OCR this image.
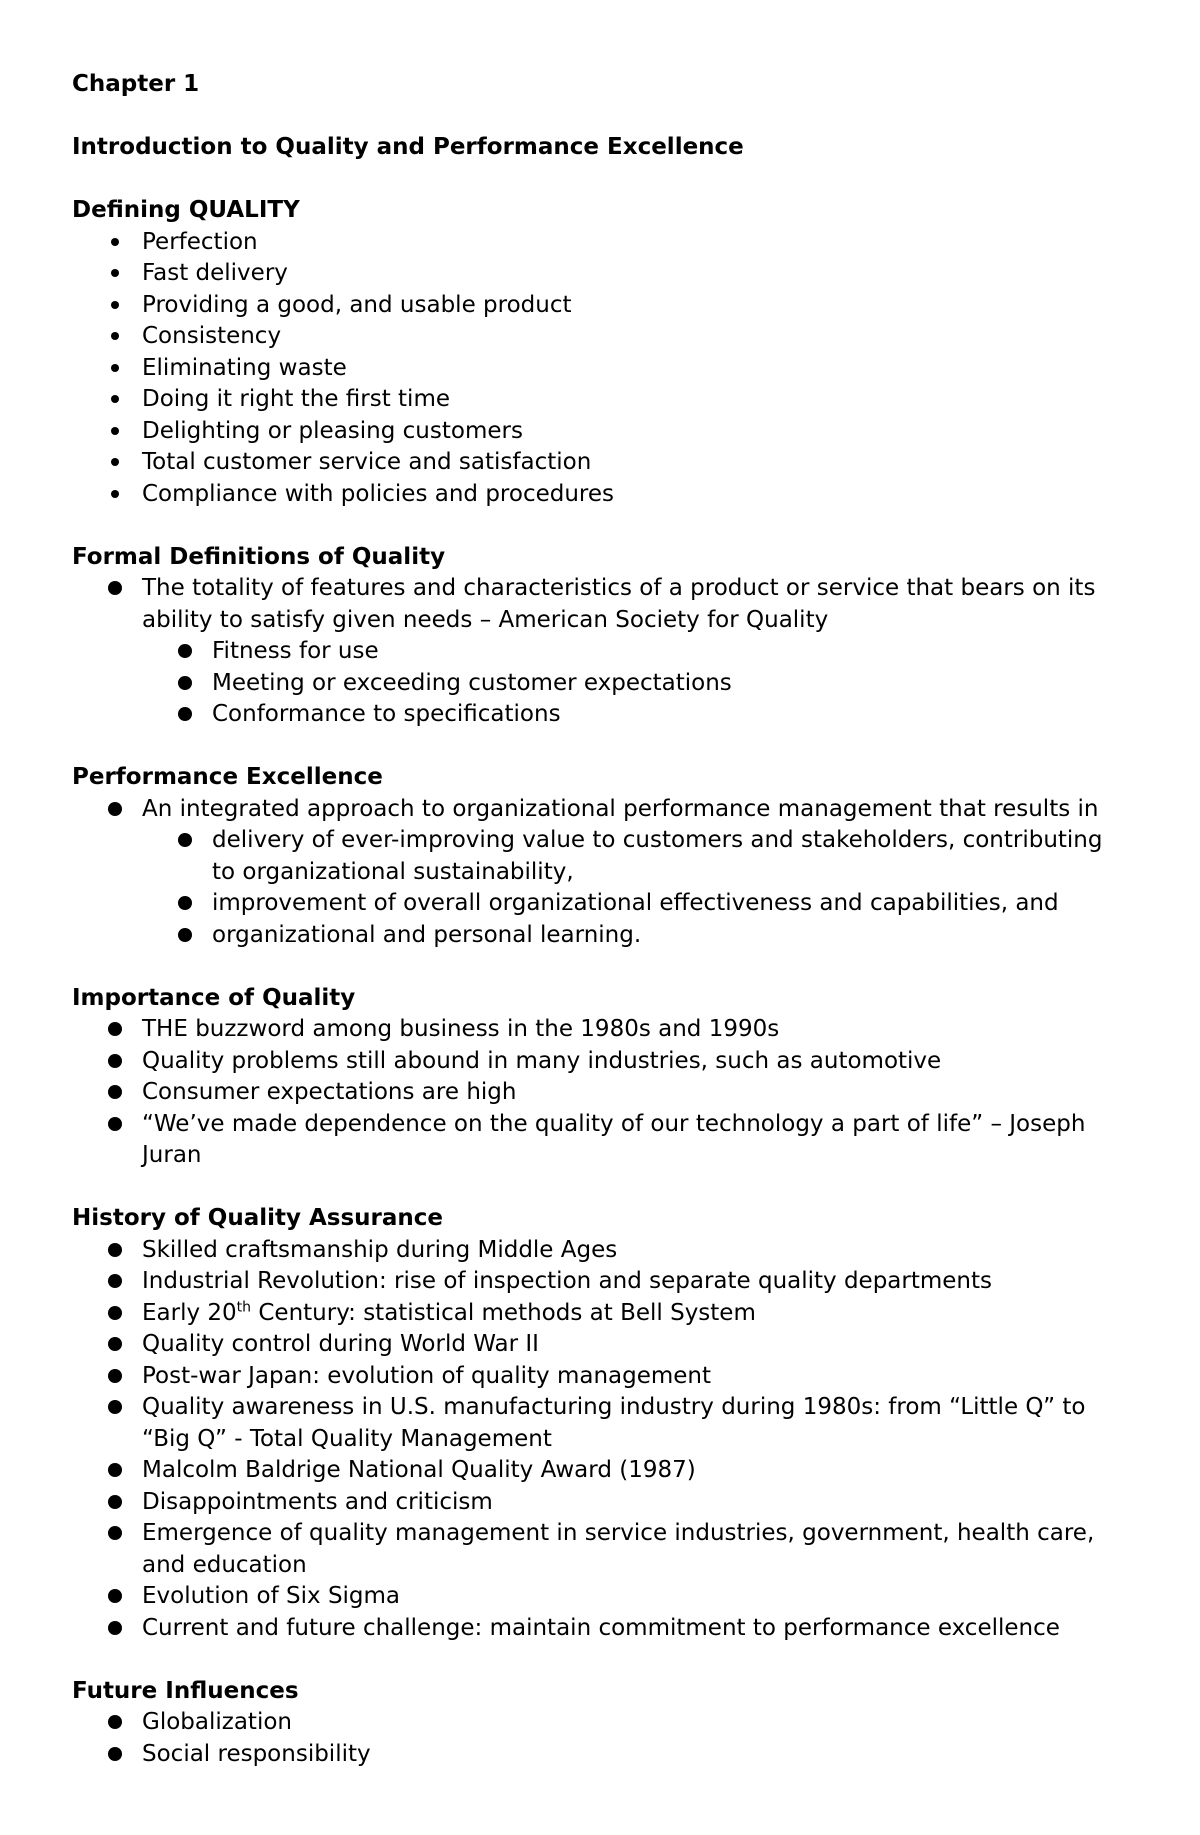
Chapter 1

Introduction to Quality and Performance Excellence

Defining QUALITY

Perfection
Fast delivery
Providing a good, and usable product
Consistency
Eliminating waste
Doing it right the first time
Delighting or pleasing customers
Total customer service and satisfaction
Compliance with policies and procedures

Formal Definitions of Quality

The totality of features and characteristics of a product or service that bears on its ability to satisfy given needs – American Society for Quality
Fitness for use
Meeting or exceeding customer expectations
Conformance to specifications

Performance Excellence

An integrated approach to organizational performance management that results in
delivery of ever-improving value to customers and stakeholders, contributing to organizational sustainability,
improvement of overall organizational effectiveness and capabilities, and
organizational and personal learning.

Importance of Quality

THE buzzword among business in the 1980s and 1990s
Quality problems still abound in many industries, such as automotive
Consumer expectations are high
“We’ve made dependence on the quality of our technology a part of life” – Joseph Juran

History of Quality Assurance

Skilled craftsmanship during Middle Ages
Industrial Revolution: rise of inspection and separate quality departments
Early 20th Century: statistical methods at Bell System
Quality control during World War II
Post-war Japan: evolution of quality management
Quality awareness in U.S. manufacturing industry during 1980s: from “Little Q” to “Big Q” - Total Quality Management
Malcolm Baldrige National Quality Award (1987)
Disappointments and criticism
Emergence of quality management in service industries, government, health care, and education
Evolution of Six Sigma
Current and future challenge: maintain commitment to performance excellence

Future Influences

Globalization
Social responsibility
